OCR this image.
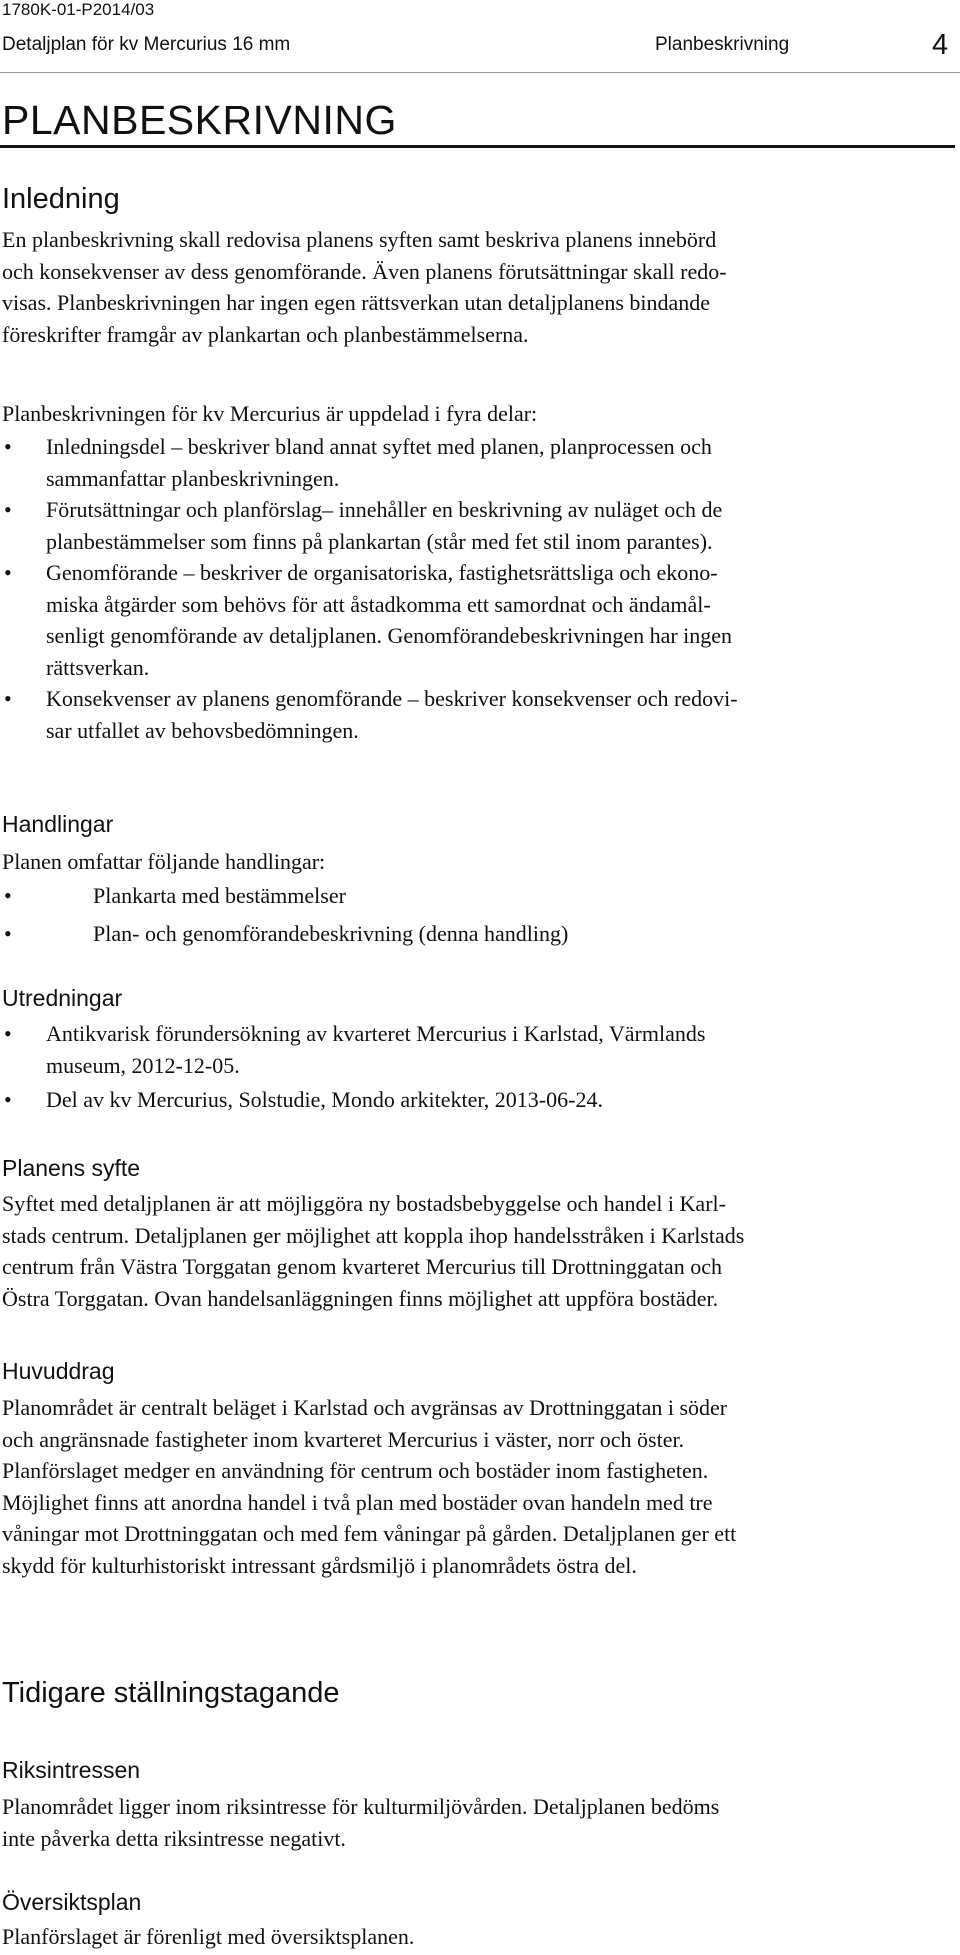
1780K-01-P2014/03
Detaljplan för kv Mercurius 16 mm	Planbeskrivning	4
PLANBESKRIVNING
Inledning
En planbeskrivning skall redovisa planens syften samt beskriva planens innebörd
och konsekvenser av dess genomförande. Även planens förutsättningar skall redo-
visas. Planbeskrivningen har ingen egen rättsverkan utan detaljplanens bindande
föreskrifter framgår av plankartan och planbestämmelserna.
Planbeskrivningen för kv Mercurius är uppdelad i fyra delar:
• Inledningsdel – beskriver bland annat syftet med planen, planprocessen och
sammanfattar planbeskrivningen.
• Förutsättningar och planförslag– innehåller en beskrivning av nuläget och de
planbestämmelser som finns på plankartan (står med fet stil inom parantes).
• Genomförande – beskriver de organisatoriska, fastighetsrättsliga och ekono-
miska åtgärder som behövs för att åstadkomma ett samordnat och ändamål-
senligt genomförande av detaljplanen. Genomförandebeskrivningen har ingen
rättsverkan.
• Konsekvenser av planens genomförande – beskriver konsekvenser och redovi-
sar utfallet av behovsbedömningen.
Handlingar
Planen omfattar följande handlingar:
•	Plankarta med bestämmelser
•	Plan- och genomförandebeskrivning (denna handling)
Utredningar
• Antikvarisk förundersökning av kvarteret Mercurius i Karlstad, Värmlands
museum, 2012-12-05.
• Del av kv Mercurius, Solstudie, Mondo arkitekter, 2013-06-24.
Planens syfte
Syftet med detaljplanen är att möjliggöra ny bostadsbebyggelse och handel i Karl-
stads centrum. Detaljplanen ger möjlighet att koppla ihop handelsstråken i Karlstads
centrum från Västra Torggatan genom kvarteret Mercurius till Drottninggatan och
Östra Torggatan. Ovan handelsanläggningen finns möjlighet att uppföra bostäder.
Huvuddrag
Planområdet är centralt beläget i Karlstad och avgränsas av Drottninggatan i söder
och angränsnade fastigheter inom kvarteret Mercurius i väster, norr och öster.
Planförslaget medger en användning för centrum och bostäder inom fastigheten.
Möjlighet finns att anordna handel i två plan med bostäder ovan handeln med tre
våningar mot Drottninggatan och med fem våningar på gården. Detaljplanen ger ett
skydd för kulturhistoriskt intressant gårdsmiljö i planområdets östra del.
Tidigare ställningstagande
Riksintressen
Planområdet ligger inom riksintresse för kulturmiljövården. Detaljplanen bedöms
inte påverka detta riksintresse negativt.
Översiktsplan
Planförslaget är förenligt med översiktsplanen.
